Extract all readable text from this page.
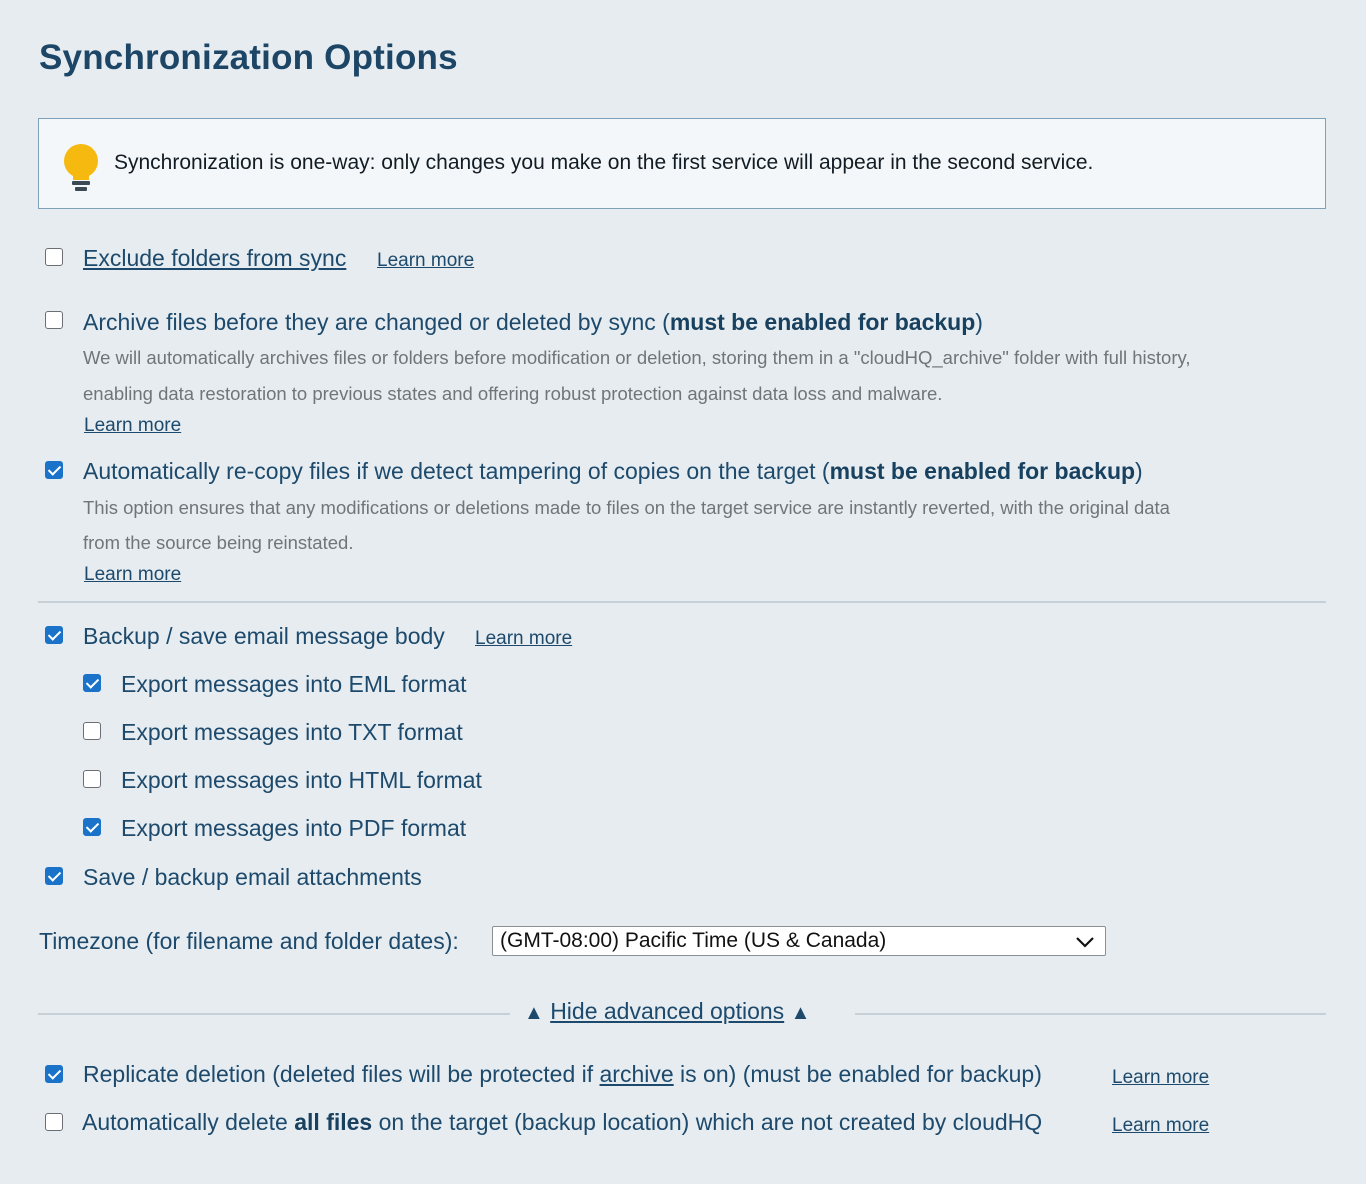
Synchronization Options
Synchronization is one-way: only changes you make on the first service will appear in the second service.
Exclude folders from sync Learn more
Archive files before they are changed or deleted by sync (must be enabled for backup)
We will automatically archives files or folders before modification or deletion, storing them in a "cloudHQ_archive" folder with full history,
enabling data restoration to previous states and offering robust protection against data loss and malware.
Learn more
Automatically re-copy files if we detect tampering of copies on the target (must be enabled for backup)
This option ensures that any modifications or deletions made to files on the target service are instantly reverted, with the original data
from the source being reinstated.
Learn more
Backup / save email message body Learn more
Export messages into EML format
Export messages into TXT format
Export messages into HTML format
Export messages into PDF format
Save / backup email attachments
Timezone (for filename and folder dates):	(GMT-08:00) Pacific Time (US & Canada)
▲ Hide advanced options ▲
Replicate deletion (deleted files will be protected if archive is on) (must be enabled for backup)	Learn more
Automatically delete all files on the target (backup location) which are not created by cloudHQ	Learn more
